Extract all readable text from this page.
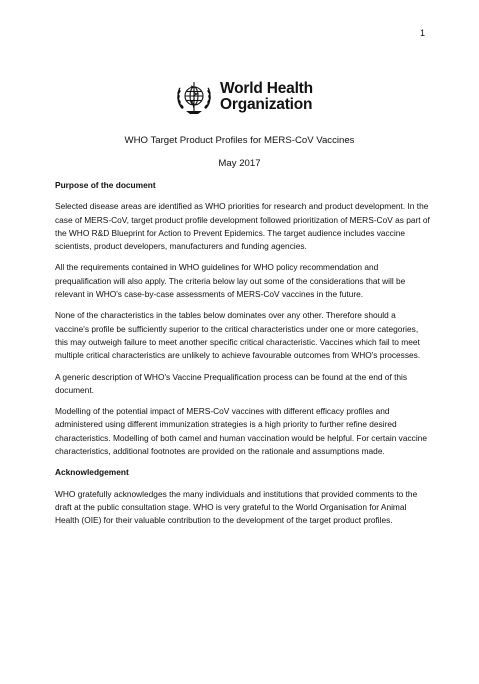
1
World Health
Organization
WHO Target Product Profiles for MERS-CoV Vaccines
May 2017
Purpose of the document

Selected disease areas are identified as WHO priorities for research and product development. In the case of MERS-CoV, target product profile development followed prioritization of MERS-CoV as part of the WHO R&D Blueprint for Action to Prevent Epidemics. The target audience includes vaccine scientists, product developers, manufacturers and funding agencies.

All the requirements contained in WHO guidelines for WHO policy recommendation and prequalification will also apply. The criteria below lay out some of the considerations that will be relevant in WHO's case-by-case assessments of MERS-CoV vaccines in the future.

None of the characteristics in the tables below dominates over any other. Therefore should a vaccine's profile be sufficiently superior to the critical characteristics under one or more categories, this may outweigh failure to meet another specific critical characteristic. Vaccines which fail to meet multiple critical characteristics are unlikely to achieve favourable outcomes from WHO's processes.

A generic description of WHO's Vaccine Prequalification process can be found at the end of this document.

Modelling of the potential impact of MERS-CoV vaccines with different efficacy profiles and administered using different immunization strategies is a high priority to further refine desired characteristics. Modelling of both camel and human vaccination would be helpful. For certain vaccine characteristics, additional footnotes are provided on the rationale and assumptions made.

Acknowledgement

WHO gratefully acknowledges the many individuals and institutions that provided comments to the draft at the public consultation stage. WHO is very grateful to the World Organisation for Animal Health (OIE) for their valuable contribution to the development of the target product profiles.
